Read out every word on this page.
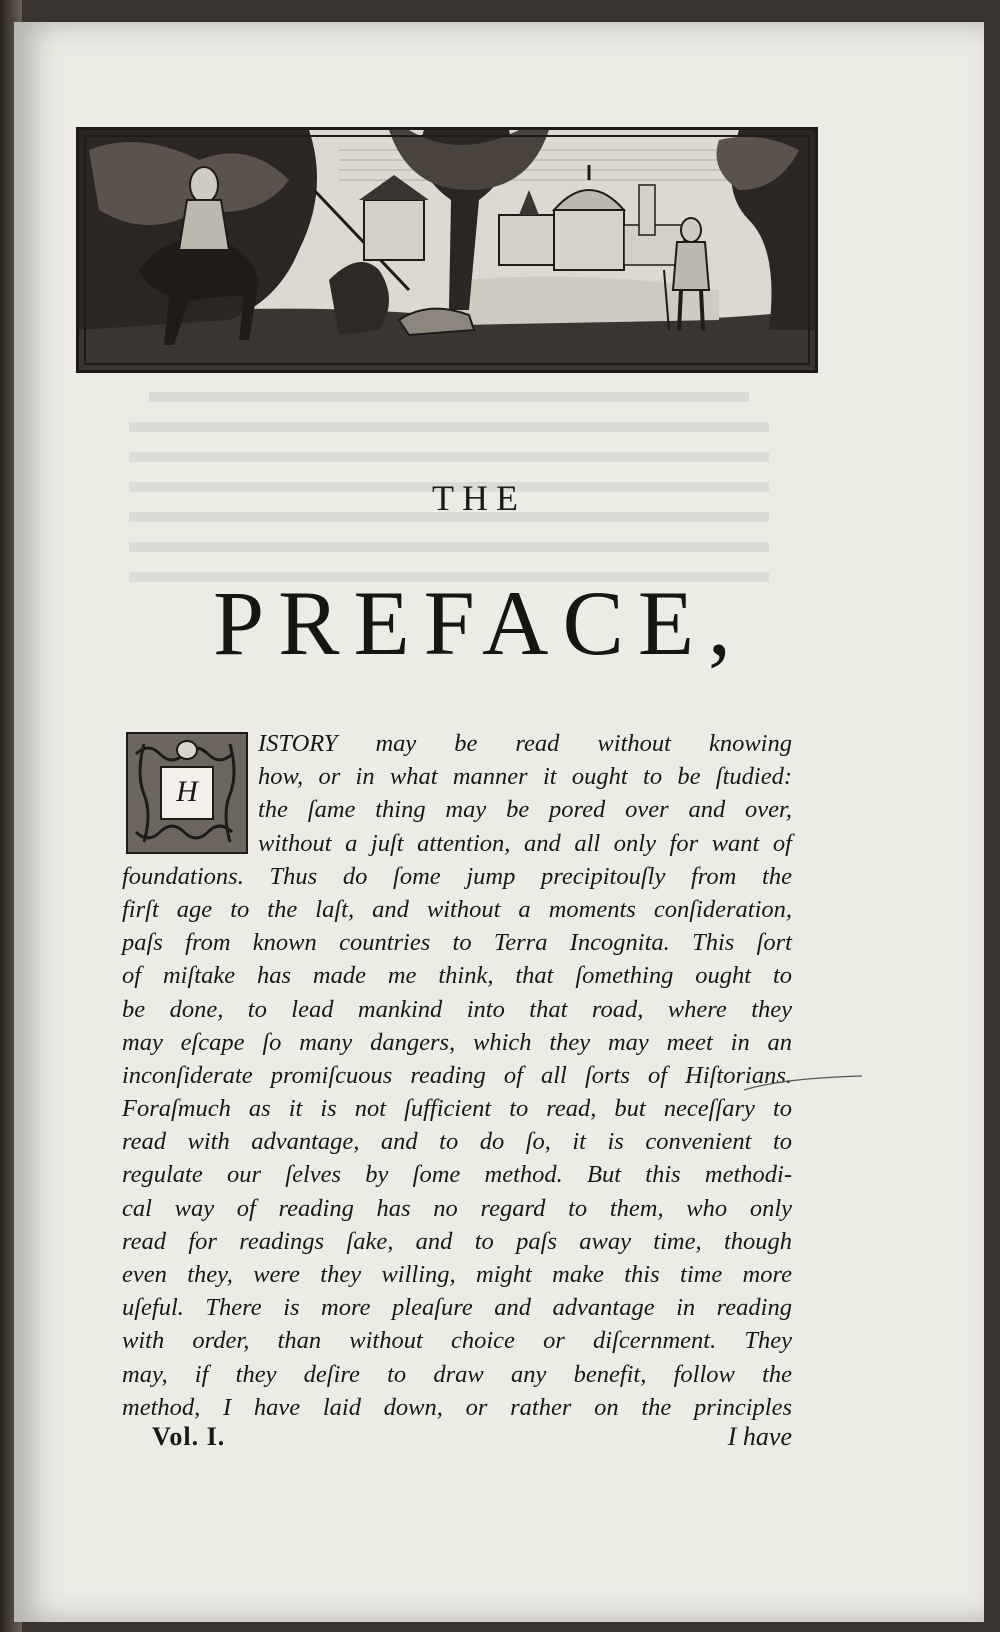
THE
PREFACE,
H
ISTORY may be read without knowing
how, or in what manner it ought to be ſtudied:
the ſame thing may be pored over and over,
without a juſt attention, and all only for want of
foundations. Thus do ſome jump precipitouſly from the
firſt age to the laſt, and without a moments conſideration,
paſs from known countries to Terra Incognita. This ſort
of miſtake has made me think, that ſomething ought to
be done, to lead mankind into that road, where they
may eſcape ſo many dangers, which they may meet in an
inconſiderate promiſcuous reading of all ſorts of Hiſtorians.
Foraſmuch as it is not ſufficient to read, but neceſſary to
read with advantage, and to do ſo, it is convenient to
regulate our ſelves by ſome method. But this methodi-
cal way of reading has no regard to them, who only
read for readings ſake, and to paſs away time, though
even they, were they willing, might make this time more
uſeful. There is more pleaſure and advantage in reading
with order, than without choice or diſcernment. They
may, if they deſire to draw any benefit, follow the
method, I have laid down, or rather on the principles
Vol. I.	I have
